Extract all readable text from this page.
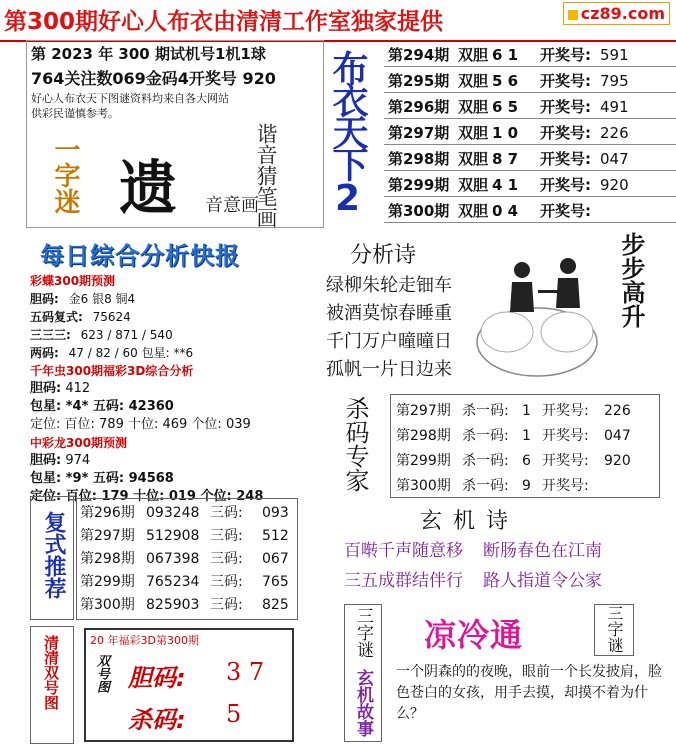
第300期好心人布衣由清清工作室独家提供	cz89.com
第 2023 年 300 期试机号1机1球
764关注数069金码4开奖号 920
好心人布衣天下图谜资料均来自各大网站
供彩民谨慎参考。
一字迷 遗	谐音猜笔画
音意画 布衣天下2	第294期 双胆 6 1 开奖号: 591
第295期 双胆 5 6 开奖号: 795
第296期 双胆 6 5 开奖号: 491
第297期 双胆 1 0 开奖号: 226
第298期 双胆 8 7 开奖号: 047
第299期 双胆 4 1 开奖号: 920
第300期 双胆 0 4 开奖号:
每日综合分析快报
彩蝶300期预测
胆码: 金6 银8 铜4
五码复式: 75624
三三三: 623 / 871 / 540
两码: 47 / 82 / 60 包星: **6
千年虫300期福彩3D综合分析
胆码: 412
包星: *4* 五码: 42360
定位: 百位: 789 十位: 469 个位: 039
中彩龙300期预测
胆码: 974
包星: *9* 五码: 94568
定位: 百位: 179 十位: 019 个位: 248
分析诗
绿柳朱轮走钿车
被酒莫惊春睡重
千门万户曈曈日
孤帆一片日边来
步步高升
杀码专家 第297期 杀一码: 1 开奖号: 226
第298期 杀一码: 1 开奖号: 047
第299期 杀一码: 6 开奖号: 920
第300期 杀一码: 9 开奖号:
复式推荐 第296期 093248 三码: 093
第297期 512908 三码: 512
第298期 067398 三码: 067
第299期 765234 三码: 765
第300期 825903 三码: 825
玄 机 诗
百啭千声随意移 断肠春色在江南
三五成群结伴行 路人指道令公家
清清双号图	20 年福彩3D第300期
双号图 胆码: 3 7
杀码: 5
三字谜
玄机故事
凉冷通	三字谜
一个阴森的的夜晚，眼前一个长发披肩，脸色苍白的女孩，用手去摸，却摸不着为什么？
